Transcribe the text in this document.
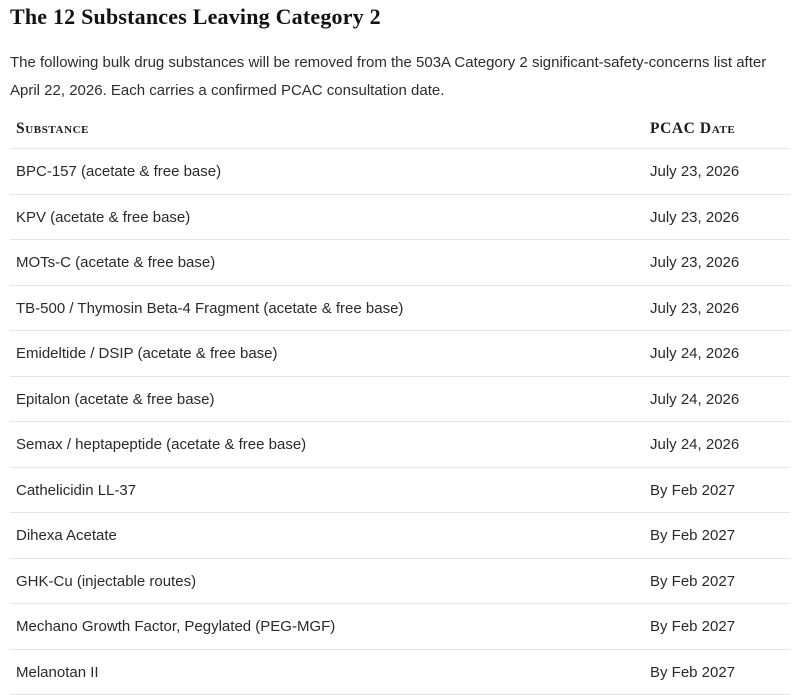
The 12 Substances Leaving Category 2

The following bulk drug substances will be removed from the 503A Category 2 significant-safety-concerns list after April 22, 2026. Each carries a confirmed PCAC consultation date.

Substance	PCAC Date
BPC-157 (acetate & free base)	July 23, 2026
KPV (acetate & free base)	July 23, 2026
MOTs-C (acetate & free base)	July 23, 2026
TB-500 / Thymosin Beta-4 Fragment (acetate & free base)	July 23, 2026
Emideltide / DSIP (acetate & free base)	July 24, 2026
Epitalon (acetate & free base)	July 24, 2026
Semax / heptapeptide (acetate & free base)	July 24, 2026
Cathelicidin LL-37	By Feb 2027
Dihexa Acetate	By Feb 2027
GHK-Cu (injectable routes)	By Feb 2027
Mechano Growth Factor, Pegylated (PEG-MGF)	By Feb 2027
Melanotan II	By Feb 2027
